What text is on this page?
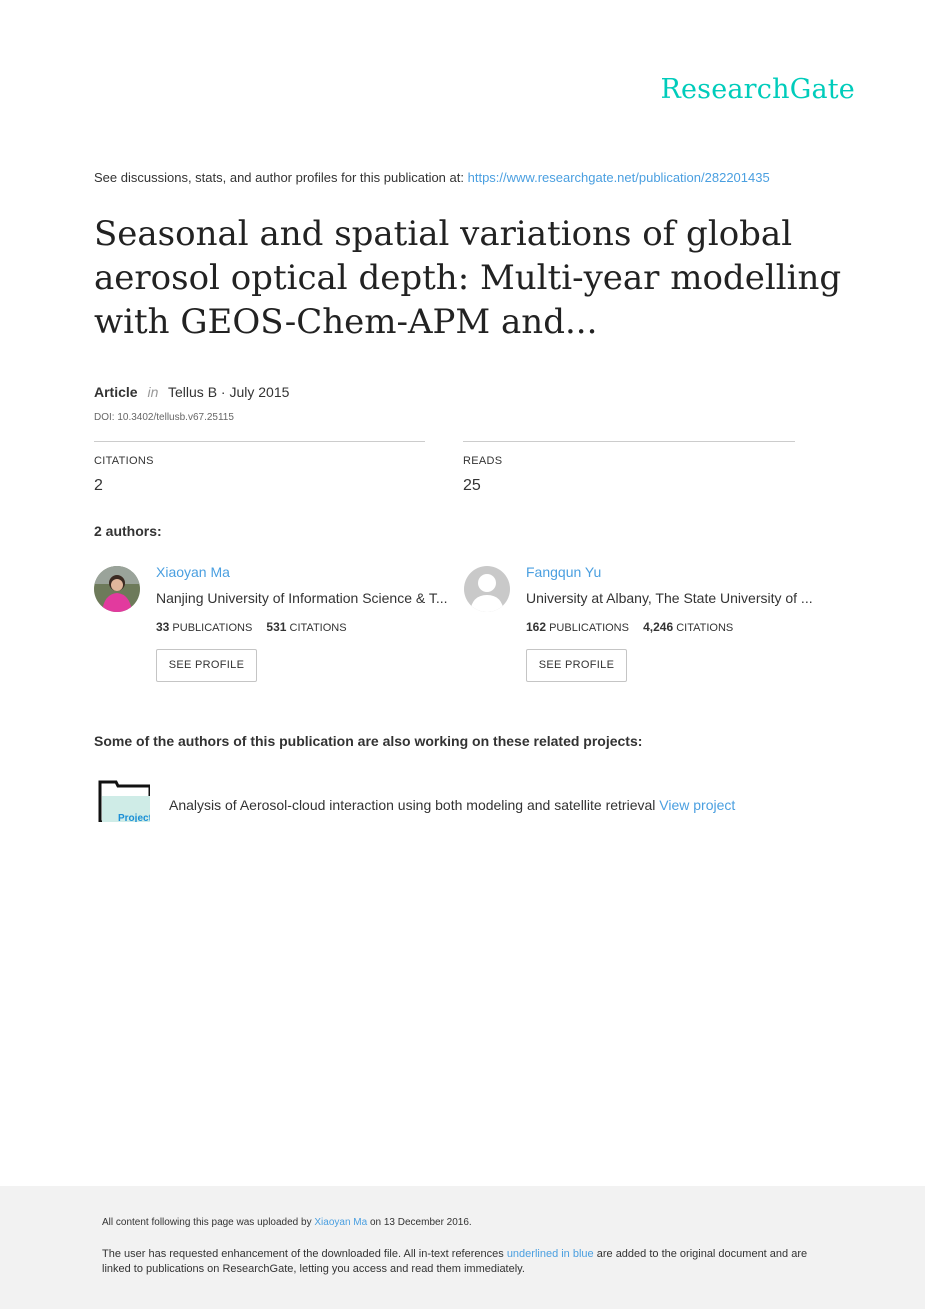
ResearchGate
See discussions, stats, and author profiles for this publication at: https://www.researchgate.net/publication/282201435
Seasonal and spatial variations of global aerosol optical depth: Multi-year modelling with GEOS-Chem-APM and...
Article in Tellus B · July 2015
DOI: 10.3402/tellusb.v67.25115
CITATIONS
2
READS
25
2 authors:
Xiaoyan Ma
Nanjing University of Information Science & T...
33 PUBLICATIONS 531 CITATIONS
SEE PROFILE
Fangqun Yu
University at Albany, The State University of ...
162 PUBLICATIONS 4,246 CITATIONS
SEE PROFILE
Some of the authors of this publication are also working on these related projects:
Project
Analysis of Aerosol-cloud interaction using both modeling and satellite retrieval View project
All content following this page was uploaded by Xiaoyan Ma on 13 December 2016.
The user has requested enhancement of the downloaded file. All in-text references underlined in blue are added to the original document and are linked to publications on ResearchGate, letting you access and read them immediately.
